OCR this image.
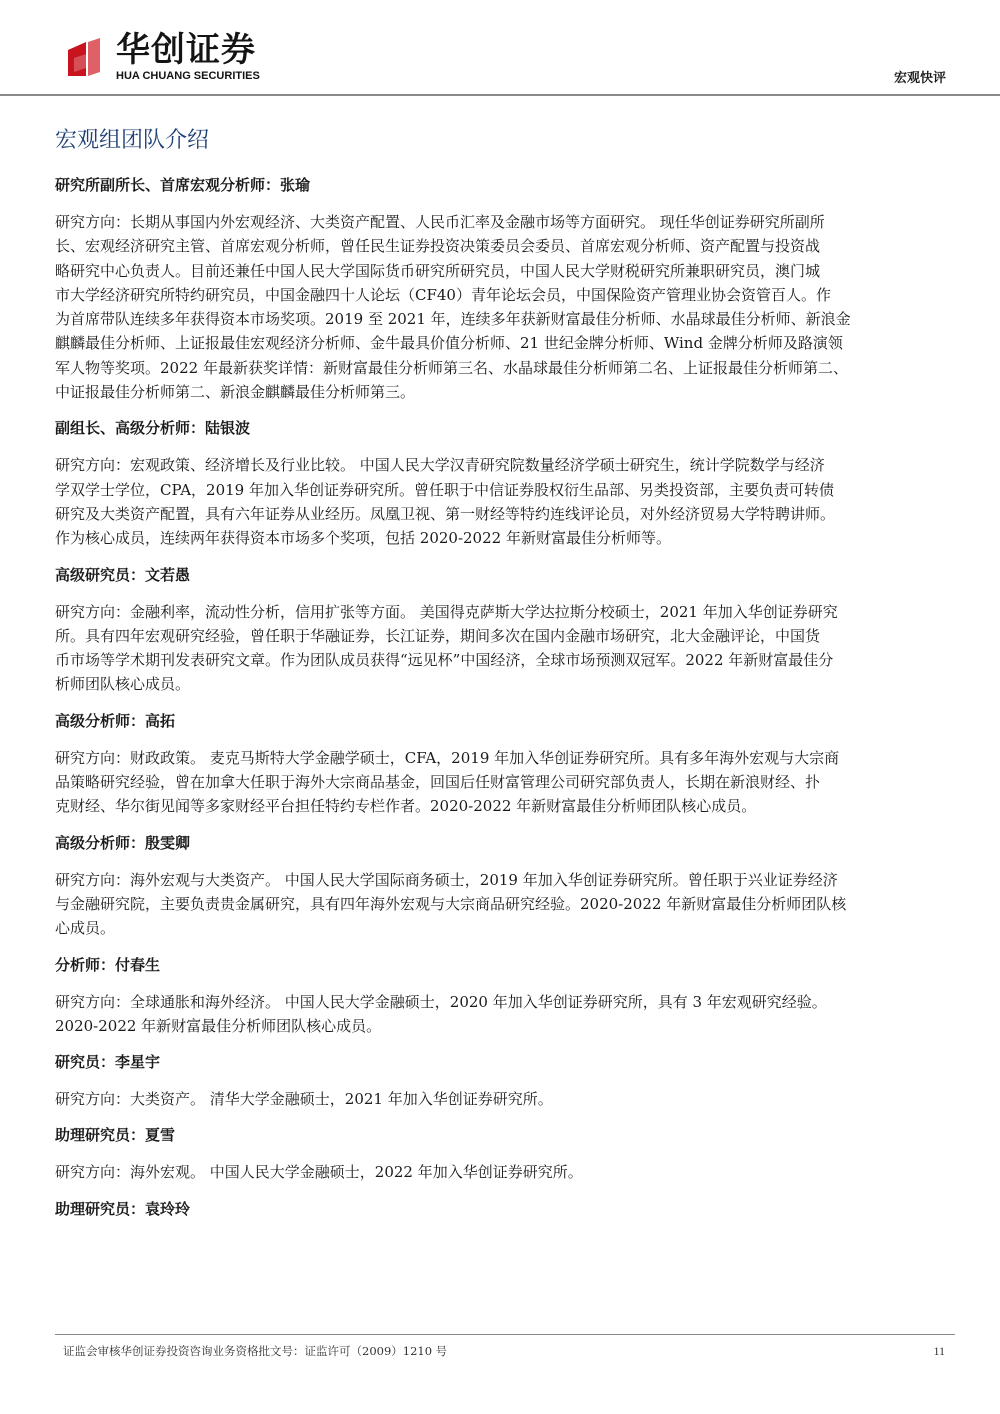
华创证券
HUA CHUANG SECURITIES	宏观快评
宏观组团队介绍
研究所副所长、首席宏观分析师：张瑜
研究方向：长期从事国内外宏观经济、大类资产配置、人民币汇率及金融市场等方面研究。 现任华创证券研究所副所
长、宏观经济研究主管、首席宏观分析师，曾任民生证券投资决策委员会委员、首席宏观分析师、资产配置与投资战
略研究中心负责人。目前还兼任中国人民大学国际货币研究所研究员，中国人民大学财税研究所兼职研究员，澳门城
市大学经济研究所特约研究员，中国金融四十人论坛（CF40）青年论坛会员，中国保险资产管理业协会资管百人。作
为首席带队连续多年获得资本市场奖项。2019 至 2021 年，连续多年获新财富最佳分析师、水晶球最佳分析师、新浪金
麒麟最佳分析师、上证报最佳宏观经济分析师、金牛最具价值分析师、21 世纪金牌分析师、Wind 金牌分析师及路演领
军人物等奖项。2022 年最新获奖详情：新财富最佳分析师第三名、水晶球最佳分析师第二名、上证报最佳分析师第二、
中证报最佳分析师第二、新浪金麒麟最佳分析师第三。
副组长、高级分析师：陆银波
研究方向：宏观政策、经济增长及行业比较。 中国人民大学汉青研究院数量经济学硕士研究生，统计学院数学与经济
学双学士学位，CPA，2019 年加入华创证券研究所。曾任职于中信证券股权衍生品部、另类投资部，主要负责可转债
研究及大类资产配置，具有六年证券从业经历。凤凰卫视、第一财经等特约连线评论员，对外经济贸易大学特聘讲师。
作为核心成员，连续两年获得资本市场多个奖项，包括 2020-2022 年新财富最佳分析师等。
高级研究员：文若愚
研究方向：金融利率，流动性分析，信用扩张等方面。 美国得克萨斯大学达拉斯分校硕士，2021 年加入华创证券研究
所。具有四年宏观研究经验，曾任职于华融证券，长江证券，期间多次在国内金融市场研究，北大金融评论，中国货
币市场等学术期刊发表研究文章。作为团队成员获得“远见杯”中国经济，全球市场预测双冠军。2022 年新财富最佳分
析师团队核心成员。
高级分析师：高拓
研究方向：财政政策。 麦克马斯特大学金融学硕士，CFA，2019 年加入华创证券研究所。具有多年海外宏观与大宗商
品策略研究经验，曾在加拿大任职于海外大宗商品基金，回国后任财富管理公司研究部负责人，长期在新浪财经、扑
克财经、华尔街见闻等多家财经平台担任特约专栏作者。2020-2022 年新财富最佳分析师团队核心成员。
高级分析师：殷雯卿
研究方向：海外宏观与大类资产。 中国人民大学国际商务硕士，2019 年加入华创证券研究所。曾任职于兴业证券经济
与金融研究院，主要负责贵金属研究，具有四年海外宏观与大宗商品研究经验。2020-2022 年新财富最佳分析师团队核
心成员。
分析师：付春生
研究方向：全球通胀和海外经济。 中国人民大学金融硕士，2020 年加入华创证券研究所，具有 3 年宏观研究经验。
2020-2022 年新财富最佳分析师团队核心成员。
研究员：李星宇
研究方向：大类资产。 清华大学金融硕士，2021 年加入华创证券研究所。
助理研究员：夏雪
研究方向：海外宏观。 中国人民大学金融硕士，2022 年加入华创证券研究所。
助理研究员：袁玲玲
证监会审核华创证券投资咨询业务资格批文号：证监许可（2009）1210 号	11
